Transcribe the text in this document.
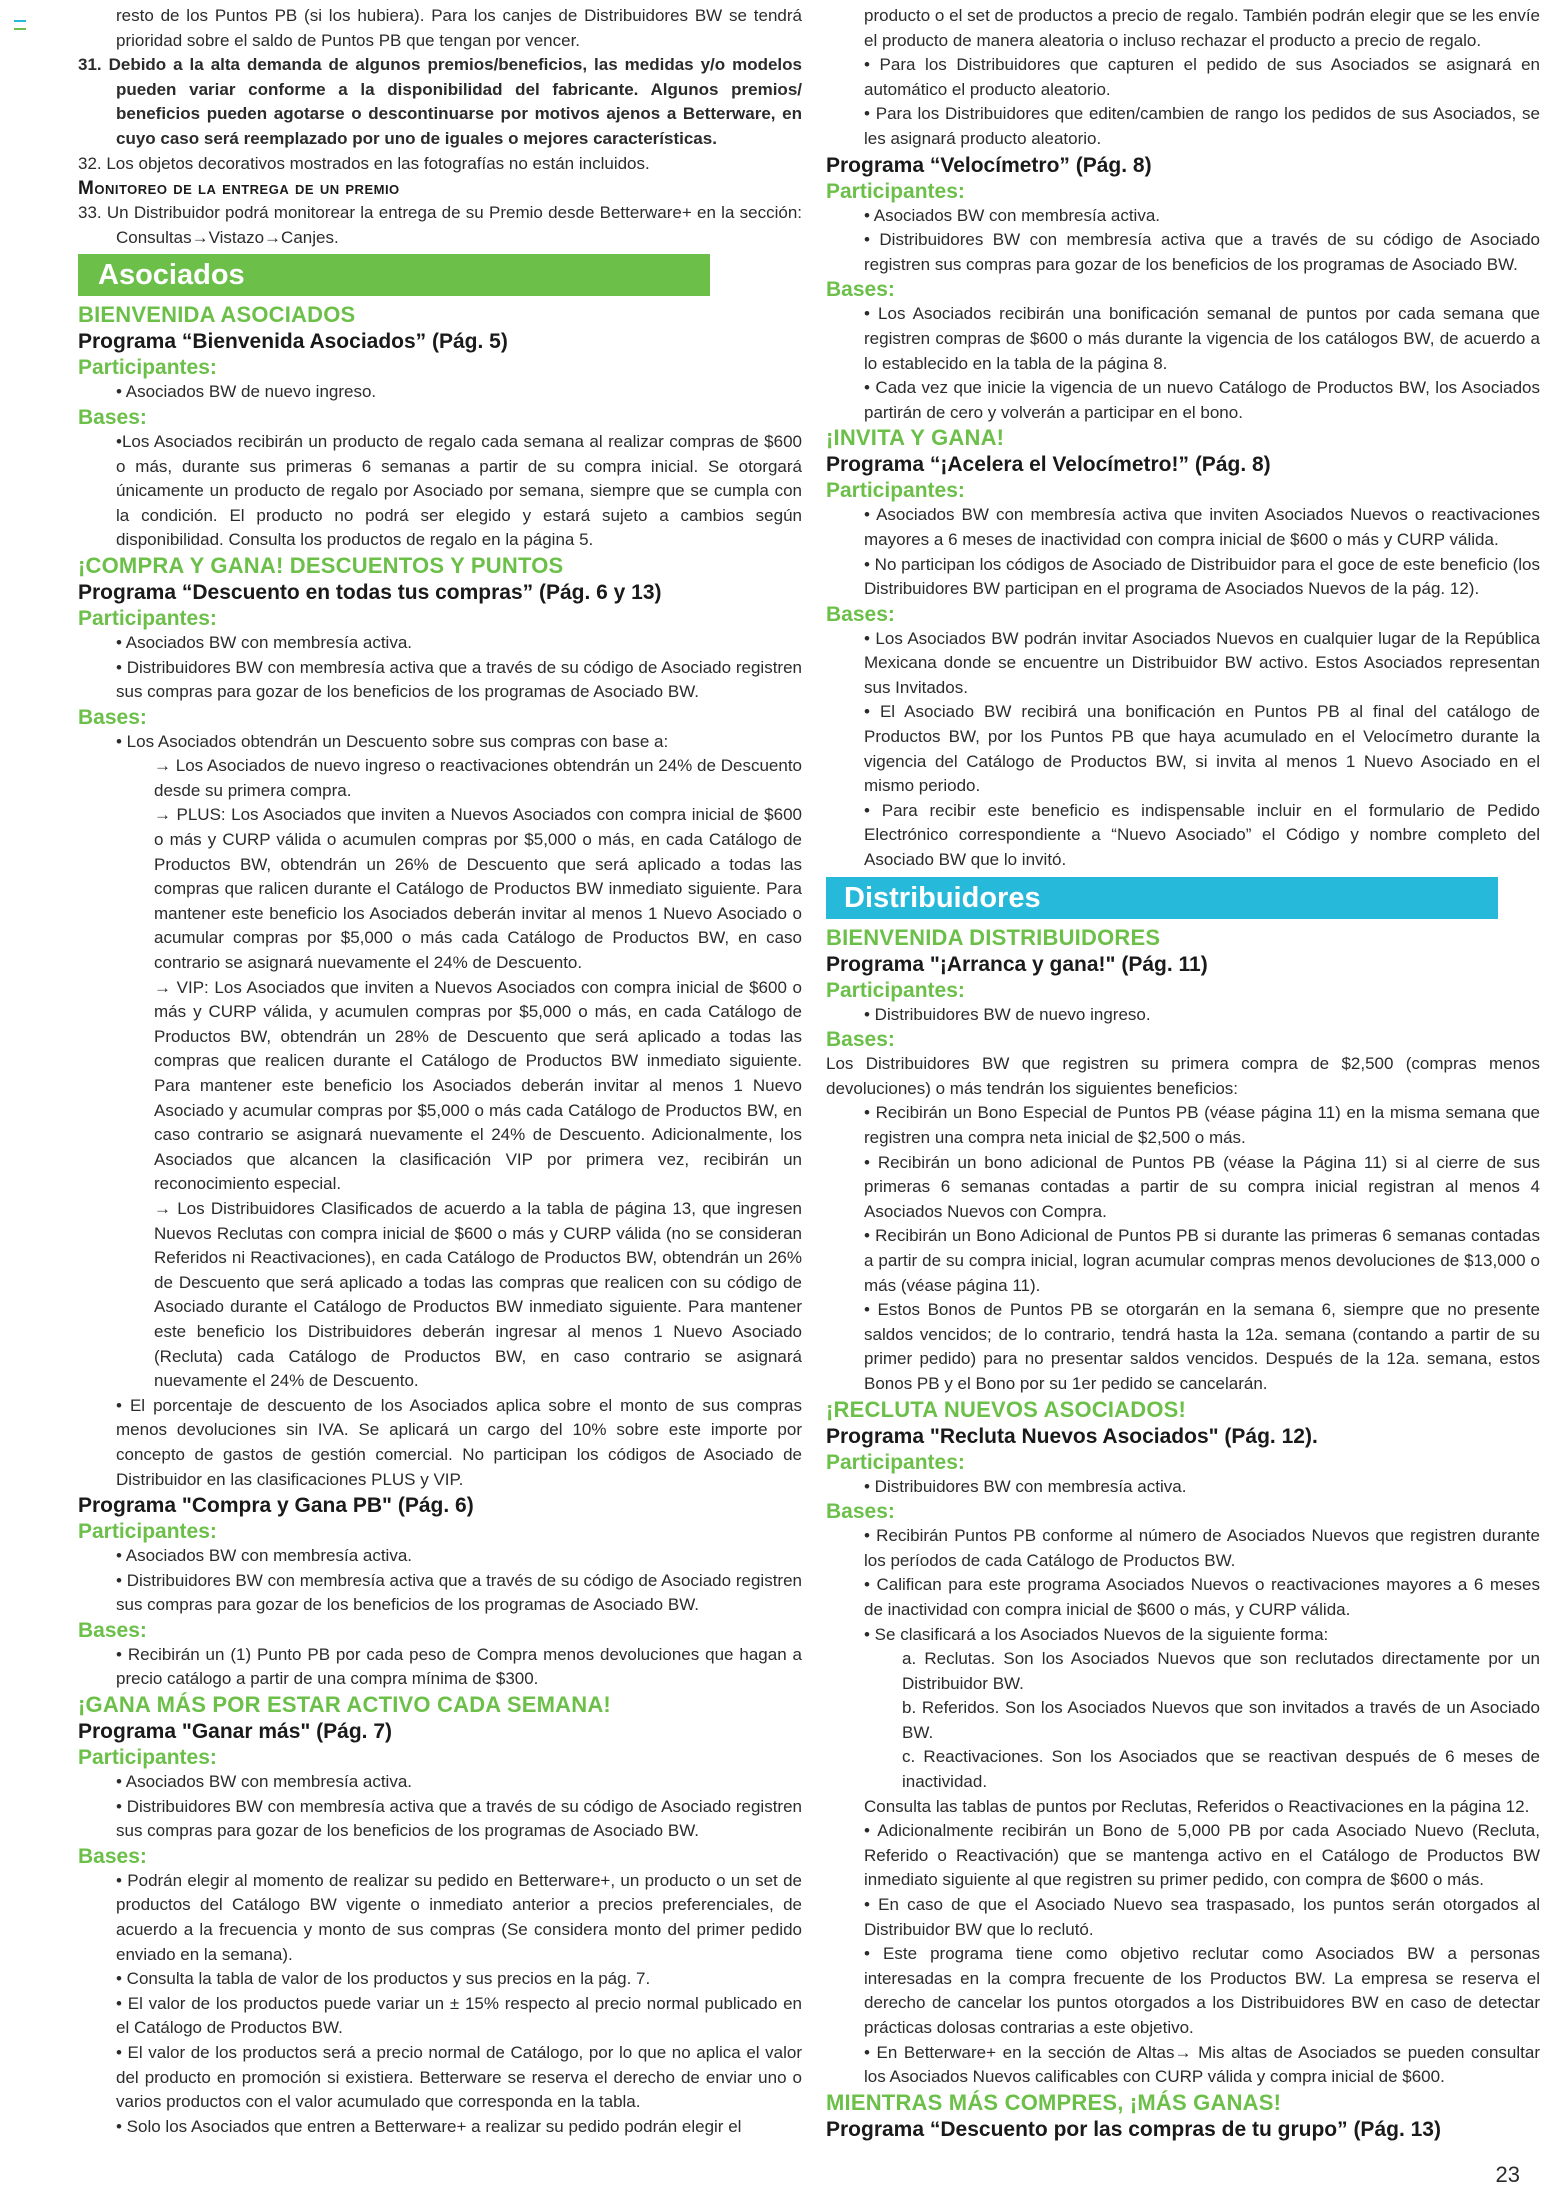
resto de los Puntos PB (si los hubiera). Para los canjes de Distribuidores BW se tendrá prioridad sobre el saldo de Puntos PB que tengan por vencer.

31. Debido a la alta demanda de algunos premios/beneficios, las medidas y/o modelos pueden variar conforme a la disponibilidad del fabricante. Algunos premios/ beneficios pueden agotarse o descontinuarse por motivos ajenos a Betterware, en cuyo caso será reemplazado por uno de iguales o mejores características.

32. Los objetos decorativos mostrados en las fotografías no están incluidos.

Monitoreo de la entrega de un premio

33. Un Distribuidor podrá monitorear la entrega de su Premio desde Betterware+ en la sección: Consultas→Vistazo→Canjes.

Asociados

BIENVENIDA ASOCIADOS

Programa “Bienvenida Asociados” (Pág. 5)

Participantes:

• Asociados BW de nuevo ingreso.

Bases:

•Los Asociados recibirán un producto de regalo cada semana al realizar compras de $600 o más, durante sus primeras 6 semanas a partir de su compra inicial. Se otorgará únicamente un producto de regalo por Asociado por semana, siempre que se cumpla con la condición. El producto no podrá ser elegido y estará sujeto a cambios según disponibilidad. Consulta los productos de regalo en la página 5.

¡COMPRA Y GANA! DESCUENTOS Y PUNTOS

Programa “Descuento en todas tus compras” (Pág. 6 y 13)

Participantes:

• Asociados BW con membresía activa.

• Distribuidores BW con membresía activa que a través de su código de Asociado registren sus compras para gozar de los beneficios de los programas de Asociado BW.

Bases:

• Los Asociados obtendrán un Descuento sobre sus compras con base a:

→ Los Asociados de nuevo ingreso o reactivaciones obtendrán un 24% de Descuento desde su primera compra.

→ PLUS: Los Asociados que inviten a Nuevos Asociados con compra inicial de $600 o más y CURP válida o acumulen compras por $5,000 o más, en cada Catálogo de Productos BW, obtendrán un 26% de Descuento que será aplicado a todas las compras que ralicen durante el Catálogo de Productos BW inmediato siguiente. Para mantener este beneficio los Asociados deberán invitar al menos 1 Nuevo Asociado o acumular compras por $5,000 o más cada Catálogo de Productos BW, en caso contrario se asignará nuevamente el 24% de Descuento.

→ VIP: Los Asociados que inviten a Nuevos Asociados con compra inicial de $600 o más y CURP válida, y acumulen compras por $5,000 o más, en cada Catálogo de Productos BW, obtendrán un 28% de Descuento que será aplicado a todas las compras que realicen durante el Catálogo de Productos BW inmediato siguiente. Para mantener este beneficio los Asociados deberán invitar al menos 1 Nuevo Asociado y acumular compras por $5,000 o más cada Catálogo de Productos BW, en caso contrario se asignará nuevamente el 24% de Descuento. Adicionalmente, los Asociados que alcancen la clasificación VIP por primera vez, recibirán un reconocimiento especial.

→ Los Distribuidores Clasificados de acuerdo a la tabla de página 13, que ingresen Nuevos Reclutas con compra inicial de $600 o más y CURP válida (no se consideran Referidos ni Reactivaciones), en cada Catálogo de Productos BW, obtendrán un 26% de Descuento que será aplicado a todas las compras que realicen con su código de Asociado durante el Catálogo de Productos BW inmediato siguiente. Para mantener este beneficio los Distribuidores deberán ingresar al menos 1 Nuevo Asociado (Recluta) cada Catálogo de Productos BW, en caso contrario se asignará nuevamente el 24% de Descuento.

• El porcentaje de descuento de los Asociados aplica sobre el monto de sus compras menos devoluciones sin IVA. Se aplicará un cargo del 10% sobre este importe por concepto de gastos de gestión comercial. No participan los códigos de Asociado de Distribuidor en las clasificaciones PLUS y VIP.

Programa "Compra y Gana PB" (Pág. 6)

Participantes:

• Asociados BW con membresía activa.

• Distribuidores BW con membresía activa que a través de su código de Asociado registren sus compras para gozar de los beneficios de los programas de Asociado BW.

Bases:

• Recibirán un (1) Punto PB por cada peso de Compra menos devoluciones que hagan a precio catálogo a partir de una compra mínima de $300.

¡GANA MÁS POR ESTAR ACTIVO CADA SEMANA!

Programa "Ganar más" (Pág. 7)

Participantes:

• Asociados BW con membresía activa.

• Distribuidores BW con membresía activa que a través de su código de Asociado registren sus compras para gozar de los beneficios de los programas de Asociado BW.

Bases:

• Podrán elegir al momento de realizar su pedido en Betterware+, un producto o un set de productos del Catálogo BW vigente o inmediato anterior a precios preferenciales, de acuerdo a la frecuencia y monto de sus compras (Se considera monto del primer pedido enviado en la semana).

• Consulta la tabla de valor de los productos y sus precios en la pág. 7.

• El valor de los productos puede variar un ± 15% respecto al precio normal publicado en el Catálogo de Productos BW.

• El valor de los productos será a precio normal de Catálogo, por lo que no aplica el valor del producto en promoción si existiera. Betterware se reserva el derecho de enviar uno o varios productos con el valor acumulado que corresponda en la tabla.

• Solo los Asociados que entren a Betterware+ a realizar su pedido podrán elegir el

producto o el set de productos a precio de regalo. También podrán elegir que se les envíe el producto de manera aleatoria o incluso rechazar el producto a precio de regalo.

• Para los Distribuidores que capturen el pedido de sus Asociados se asignará en automático el producto aleatorio.

• Para los Distribuidores que editen/cambien de rango los pedidos de sus Asociados, se les asignará producto aleatorio.

Programa “Velocímetro” (Pág. 8)

Participantes:

• Asociados BW con membresía activa.

• Distribuidores BW con membresía activa que a través de su código de Asociado registren sus compras para gozar de los beneficios de los programas de Asociado BW.

Bases:

• Los Asociados recibirán una bonificación semanal de puntos por cada semana que registren compras de $600 o más durante la vigencia de los catálogos BW, de acuerdo a lo establecido en la tabla de la página 8.

• Cada vez que inicie la vigencia de un nuevo Catálogo de Productos BW, los Asociados partirán de cero y volverán a participar en el bono.

¡INVITA Y GANA!

Programa “¡Acelera el Velocímetro!” (Pág. 8)

Participantes:

• Asociados BW con membresía activa que inviten Asociados Nuevos o reactivaciones mayores a 6 meses de inactividad con compra inicial de $600 o más y CURP válida.

• No participan los códigos de Asociado de Distribuidor para el goce de este beneficio (los Distribuidores BW participan en el programa de Asociados Nuevos de la pág. 12).

Bases:

• Los Asociados BW podrán invitar Asociados Nuevos en cualquier lugar de la República Mexicana donde se encuentre un Distribuidor BW activo. Estos Asociados representan sus Invitados.

• El Asociado BW recibirá una bonificación en Puntos PB al final del catálogo de Productos BW, por los Puntos PB que haya acumulado en el Velocímetro durante la vigencia del Catálogo de Productos BW, si invita al menos 1 Nuevo Asociado en el mismo periodo.

• Para recibir este beneficio es indispensable incluir en el formulario de Pedido Electrónico correspondiente a “Nuevo Asociado” el Código y nombre completo del Asociado BW que lo invitó.

Distribuidores

BIENVENIDA DISTRIBUIDORES

Programa "¡Arranca y gana!" (Pág. 11)

Participantes:

• Distribuidores BW de nuevo ingreso.

Bases:

Los Distribuidores BW que registren su primera compra de $2,500 (compras menos devoluciones) o más tendrán los siguientes beneficios:

• Recibirán un Bono Especial de Puntos PB (véase página 11) en la misma semana que registren una compra neta inicial de $2,500 o más.

• Recibirán un bono adicional de Puntos PB (véase la Página 11) si al cierre de sus primeras 6 semanas contadas a partir de su compra inicial registran al menos 4 Asociados Nuevos con Compra.

• Recibirán un Bono Adicional de Puntos PB si durante las primeras 6 semanas contadas a partir de su compra inicial, logran acumular compras menos devoluciones de $13,000 o más (véase página 11).

• Estos Bonos de Puntos PB se otorgarán en la semana 6, siempre que no presente saldos vencidos; de lo contrario, tendrá hasta la 12a. semana (contando a partir de su primer pedido) para no presentar saldos vencidos. Después de la 12a. semana, estos Bonos PB y el Bono por su 1er pedido se cancelarán.

¡RECLUTA NUEVOS ASOCIADOS!

Programa "Recluta Nuevos Asociados" (Pág. 12).

Participantes:

• Distribuidores BW con membresía activa.

Bases:

• Recibirán Puntos PB conforme al número de Asociados Nuevos que registren durante los períodos de cada Catálogo de Productos BW.

• Califican para este programa Asociados Nuevos o reactivaciones mayores a 6 meses de inactividad con compra inicial de $600 o más, y CURP válida.

• Se clasificará a los Asociados Nuevos de la siguiente forma:

a. Reclutas. Son los Asociados Nuevos que son reclutados directamente por un Distribuidor BW.

b. Referidos. Son los Asociados Nuevos que son invitados a través de un Asociado BW.

c. Reactivaciones. Son los Asociados que se reactivan después de 6 meses de inactividad.

Consulta las tablas de puntos por Reclutas, Referidos o Reactivaciones en la página 12.

• Adicionalmente recibirán un Bono de 5,000 PB por cada Asociado Nuevo (Recluta, Referido o Reactivación) que se mantenga activo en el Catálogo de Productos BW inmediato siguiente al que registren su primer pedido, con compra de $600 o más.

• En caso de que el Asociado Nuevo sea traspasado, los puntos serán otorgados al Distribuidor BW que lo reclutó.

• Este programa tiene como objetivo reclutar como Asociados BW a personas interesadas en la compra frecuente de los Productos BW. La empresa se reserva el derecho de cancelar los puntos otorgados a los Distribuidores BW en caso de detectar prácticas dolosas contrarias a este objetivo.

• En Betterware+ en la sección de Altas→ Mis altas de Asociados se pueden consultar los Asociados Nuevos calificables con CURP válida y compra inicial de $600.

MIENTRAS MÁS COMPRES, ¡MÁS GANAS!

Programa “Descuento por las compras de tu grupo” (Pág. 13)

23
